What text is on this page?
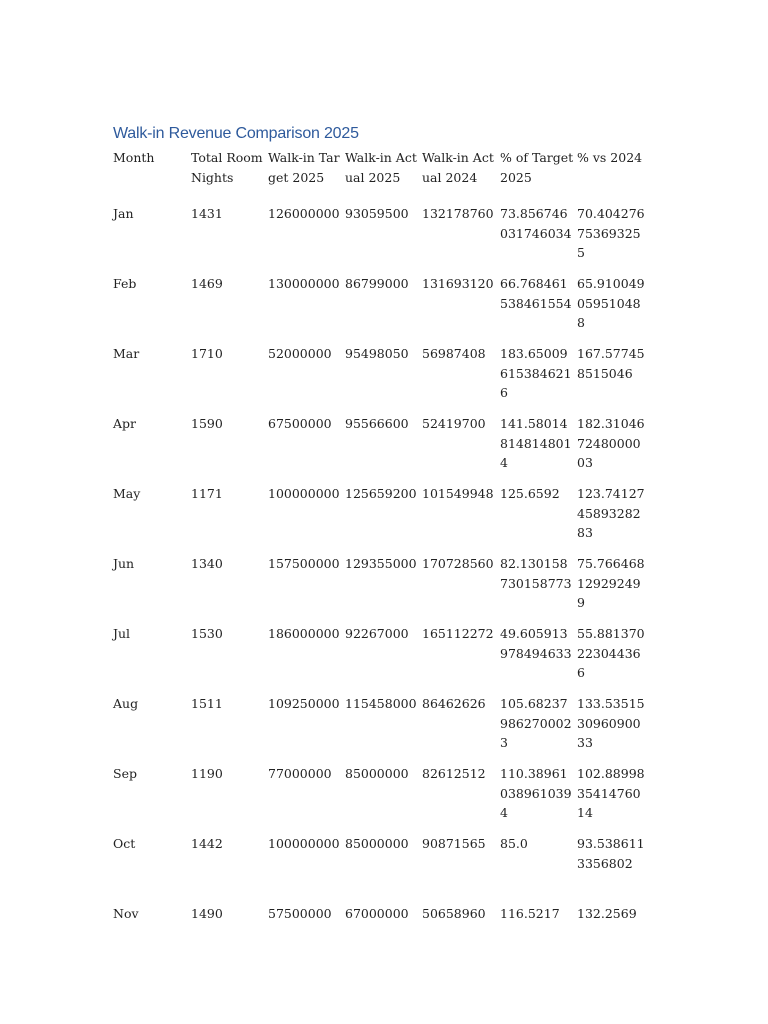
Walk-in Revenue Comparison 2025
Month	Total Room Nights	Walk-in Target 2025	Walk-in Actual 2025	Walk-in Actual 2024	% of Target 2025	% vs 2024
Jan	1431	126000000	93059500	132178760	73.856746031746034	70.404276753693255
Feb	1469	130000000	86799000	131693120	66.768461538461554	65.910049059510488
Mar	1710	52000000	95498050	56987408	183.650096153846216	167.577458515046
Apr	1590	67500000	95566600	52419700	141.580148148148014	182.310467248000003
May	1171	100000000	125659200	101549948	125.6592	123.741274589328283
Jun	1340	157500000	129355000	170728560	82.130158730158773	75.766468129292499
Jul	1530	186000000	92267000	165112272	49.605913978494633	55.881370223044366
Aug	1511	109250000	115458000	86462626	105.682379862700023	133.535153096090033
Sep	1190	77000000	85000000	82612512	110.389610389610394	102.889983541476014
Oct	1442	100000000	85000000	90871565	85.0	93.5386113356802
Nov	1490	57500000	67000000	50658960	116.5217	132.2569
